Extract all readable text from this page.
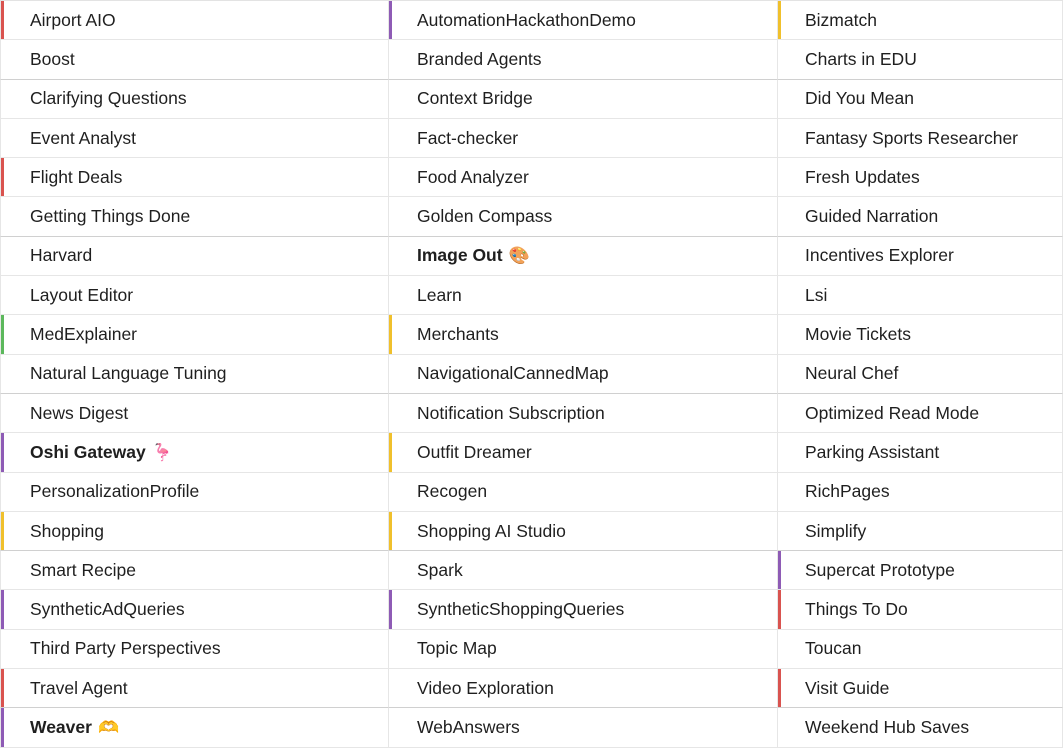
Airport AIO	AutomationHackathonDemo	Bizmatch
Boost	Branded Agents	Charts in EDU
Clarifying Questions	Context Bridge	Did You Mean
Event Analyst	Fact-checker	Fantasy Sports Researcher
Flight Deals	Food Analyzer	Fresh Updates
Getting Things Done	Golden Compass	Guided Narration
Harvard	Image Out 🎨	Incentives Explorer
Layout Editor	Learn	Lsi
MedExplainer	Merchants	Movie Tickets
Natural Language Tuning	NavigationalCannedMap	Neural Chef
News Digest	Notification Subscription	Optimized Read Mode
Oshi Gateway 🦩	Outfit Dreamer	Parking Assistant
PersonalizationProfile	Recogen	RichPages
Shopping	Shopping AI Studio	Simplify
Smart Recipe	Spark	Supercat Prototype
SyntheticAdQueries	SyntheticShoppingQueries	Things To Do
Third Party Perspectives	Topic Map	Toucan
Travel Agent	Video Exploration	Visit Guide
Weaver 🫶	WebAnswers	Weekend Hub Saves
